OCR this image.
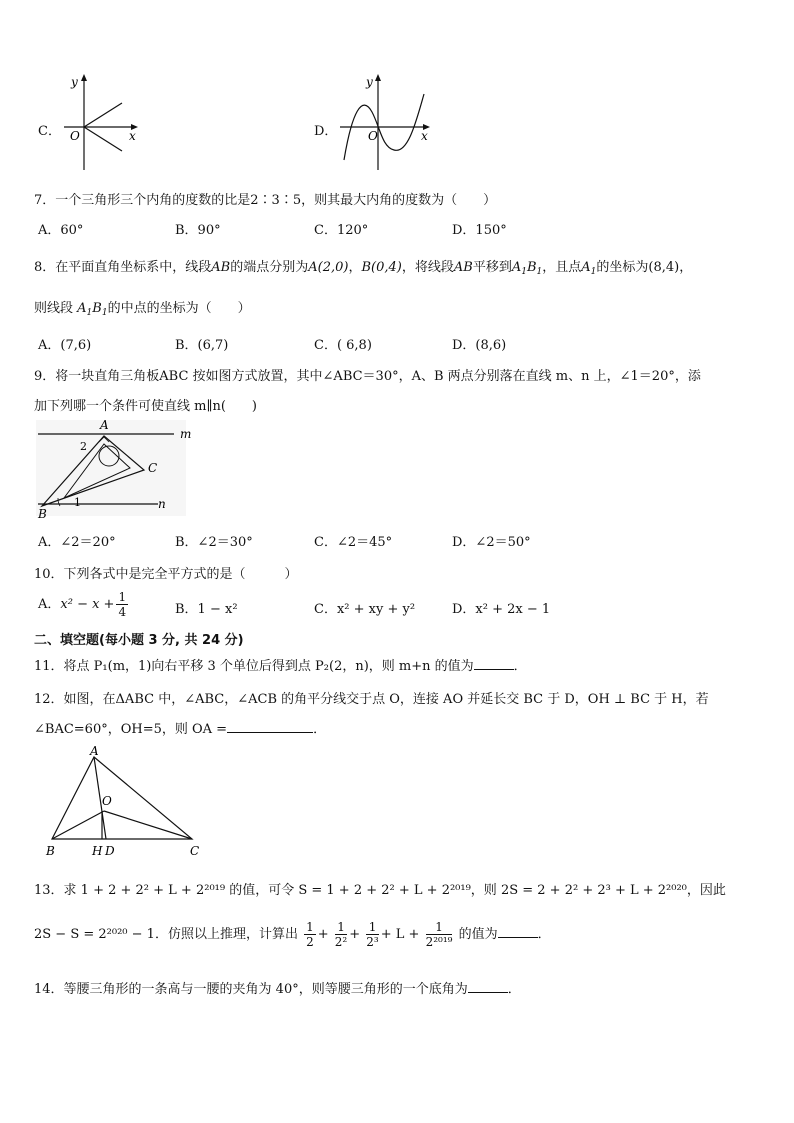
C．
y
x
O	D．
y
x
O
7．一个三角形三个内角的度数的比是2∶3∶5，则其最大内角的度数为（　　）
A．60°	B．90°	C．120°	D．150°
8．在平面直角坐标系中，线段AB的端点分别为A(2,0)，B(0,4)，将线段AB平移到$A_1B_1$，且点$A_1$的坐标为(8,4)，
则线段 $A_1B_1$的中点的坐标为（　　）
A．(7,6)	B．(6,7)	C．( 6,8)	D．(8,6)
9．将一块直角三角板ABC 按如图方式放置，其中∠ABC＝30°，A、B 两点分别落在直线 m、n 上，∠1＝20°，添
加下列哪一个条件可使直线 m∥n(　　)
m
n
A
B
C
1
2
A．∠2＝20°	B．∠2＝30°	C．∠2＝45°	D．∠2＝50°
10．下列各式中是完全平方式的是（　　　）
A．$x^2 - x + \frac{1}{4}$	B．1 − x²	C．x² + xy + y²	D．x² + 2x − 1
二、填空题(每小题 3 分, 共 24 分)
11．将点 P₁(m，1)向右平移 3 个单位后得到点 P₂(2，n)，则 m+n 的值为	．
12．如图，在ΔABC 中，∠ABC，∠ACB 的角平分线交于点 O，连接 AO 并延长交 BC 于 D，OH ⊥ BC 于 H，若
∠BAC=60°，OH=5，则 OA =	．
A
O
B	H D	C
13．求 1 + 2 + 2² + L + 2²⁰¹⁹ 的值，可令 S = 1 + 2 + 2² + L + 2²⁰¹⁹，则 2S = 2 + 2² + 2³ + L + 2²⁰²⁰，因此
2S − S = 2²⁰²⁰ − 1．仿照以上推理，计算出 $\frac{1}{2} + \frac{1}{\text{2²}} + \frac{1}{\text{2³}} + L + \frac{1}{\text{2²⁰¹⁹}}$ 的值为	．
14．等腰三角形的一条高与一腰的夹角为 40°，则等腰三角形的一个底角为	．
